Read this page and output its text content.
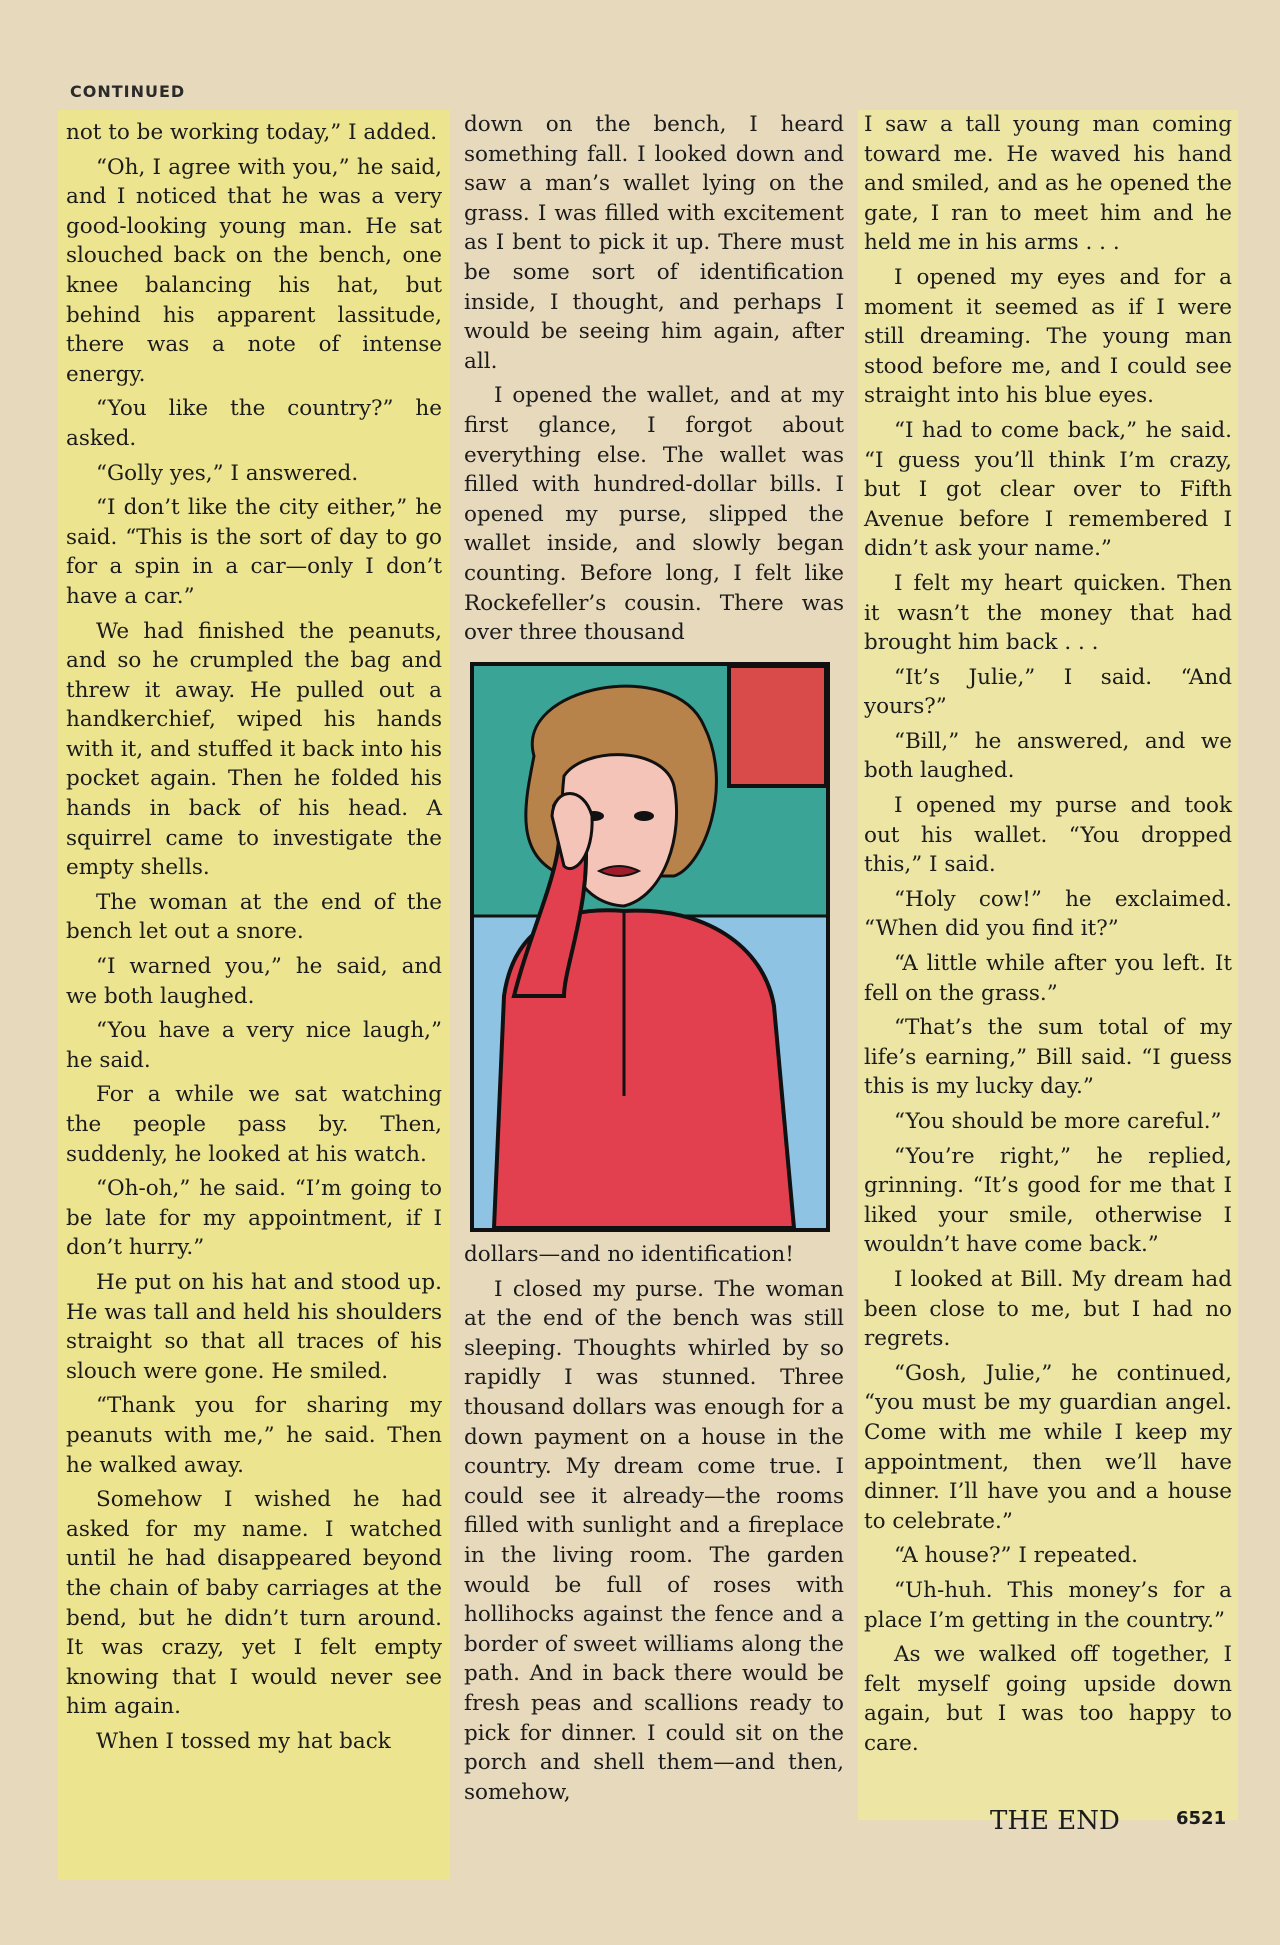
CONTINUED

not to be working today,” I added.

“Oh, I agree with you,” he said, and I noticed that he was a very good-looking young man. He sat slouched back on the bench, one knee balancing his hat, but behind his apparent lassitude, there was a note of intense energy.

“You like the country?” he asked.

“Golly yes,” I answered.

“I don’t like the city either,” he said. “This is the sort of day to go for a spin in a car—only I don’t have a car.”

We had finished the peanuts, and so he crumpled the bag and threw it away. He pulled out a handkerchief, wiped his hands with it, and stuffed it back into his pocket again. Then he folded his hands in back of his head. A squirrel came to investigate the empty shells.

The woman at the end of the bench let out a snore.

“I warned you,” he said, and we both laughed.

“You have a very nice laugh,” he said.

For a while we sat watching the people pass by. Then, suddenly, he looked at his watch.

“Oh-oh,” he said. “I’m going to be late for my appointment, if I don’t hurry.”

He put on his hat and stood up. He was tall and held his shoulders straight so that all traces of his slouch were gone. He smiled.

“Thank you for sharing my peanuts with me,” he said. Then he walked away.

Somehow I wished he had asked for my name. I watched until he had disappeared beyond the chain of baby carriages at the bend, but he didn’t turn around. It was crazy, yet I felt empty knowing that I would never see him again.

When I tossed my hat back

down on the bench, I heard something fall. I looked down and saw a man’s wallet lying on the grass. I was filled with excitement as I bent to pick it up. There must be some sort of identification inside, I thought, and perhaps I would be seeing him again, after all.

I opened the wallet, and at my first glance, I forgot about everything else. The wallet was filled with hundred-dollar bills. I opened my purse, slipped the wallet inside, and slowly began counting. Before long, I felt like Rockefeller’s cousin. There was over three thousand

dollars—and no identification!

I closed my purse. The woman at the end of the bench was still sleeping. Thoughts whirled by so rapidly I was stunned. Three thousand dollars was enough for a down payment on a house in the country. My dream come true. I could see it already—the rooms filled with sunlight and a fireplace in the living room. The garden would be full of roses with hollihocks against the fence and a border of sweet williams along the path. And in back there would be fresh peas and scallions ready to pick for dinner. I could sit on the porch and shell them—and then, somehow,

I saw a tall young man coming toward me. He waved his hand and smiled, and as he opened the gate, I ran to meet him and he held me in his arms . . .

I opened my eyes and for a moment it seemed as if I were still dreaming. The young man stood before me, and I could see straight into his blue eyes.

“I had to come back,” he said. “I guess you’ll think I’m crazy, but I got clear over to Fifth Avenue before I remembered I didn’t ask your name.”

I felt my heart quicken. Then it wasn’t the money that had brought him back . . .

“It’s Julie,” I said. “And yours?”

“Bill,” he answered, and we both laughed.

I opened my purse and took out his wallet. “You dropped this,” I said.

“Holy cow!” he exclaimed. “When did you find it?”

“A little while after you left. It fell on the grass.”

“That’s the sum total of my life’s earning,” Bill said. “I guess this is my lucky day.”

“You should be more careful.”

“You’re right,” he replied, grinning. “It’s good for me that I liked your smile, otherwise I wouldn’t have come back.”

I looked at Bill. My dream had been close to me, but I had no regrets.

“Gosh, Julie,” he continued, “you must be my guardian angel. Come with me while I keep my appointment, then we’ll have dinner. I’ll have you and a house to celebrate.”

“A house?” I repeated.

“Uh-huh. This money’s for a place I’m getting in the country.”

As we walked off together, I felt myself going upside down again, but I was too happy to care.

THE END	6521
